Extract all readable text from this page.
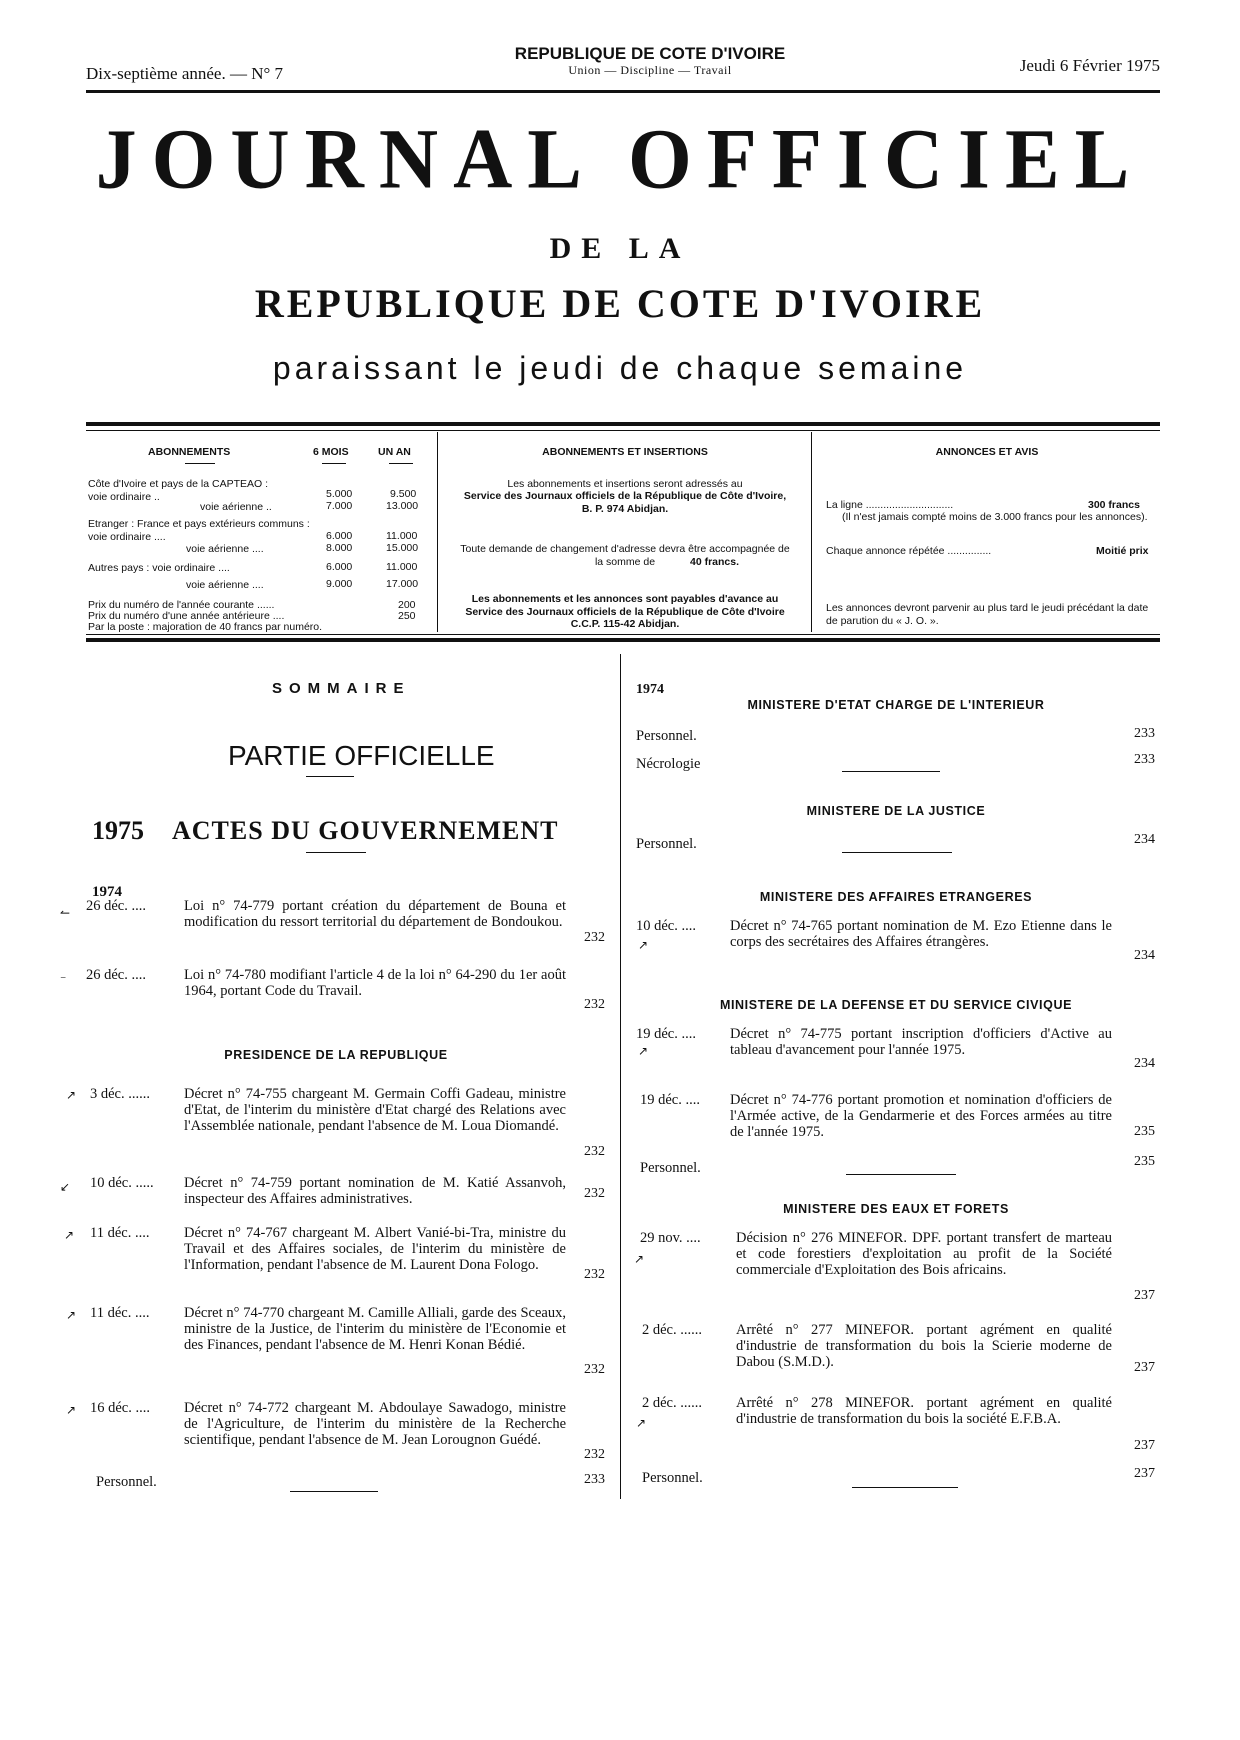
Dix-septième année. — N° 7
REPUBLIQUE DE COTE D'IVOIRE
Union — Discipline — Travail	Jeudi 6 Février 1975
JOURNAL OFFICIEL
DE LA
REPUBLIQUE DE COTE D'IVOIRE
paraissant le jeudi de chaque semaine
ABONNEMENTS	6 MOIS	UN AN
Côte d'Ivoire et pays de la CAPTEAO : voie ordinaire ..	5.000	9.500
voie aérienne ..	7.000	13.000
Etranger : France et pays extérieurs communs : voie ordinaire ....	6.000	11.000
voie aérienne ....	8.000	15.000
Autres pays : voie ordinaire ....	6.000	11.000
voie aérienne ....	9.000	17.000
Prix du numéro de l'année courante ......	200
Prix du numéro d'une année antérieure ....	250
Par la poste : majoration de 40 francs par numéro.
ABONNEMENTS ET INSERTIONS
Les abonnements et insertions seront adressés au
Service des Journaux officiels de la République de Côte d'Ivoire, B. P. 974 Abidjan.
Toute demande de changement d'adresse devra être accompagnée de la somme de	40 francs.
Les abonnements et les annonces sont payables d'avance au Service des Journaux officiels de la République de Côte d'Ivoire C.C.P. 115-42 Abidjan.
ANNONCES ET AVIS
La ligne ..............................	300 francs
(Il n'est jamais compté moins de 3.000 francs pour les annonces).
Chaque annonce répétée ...............	Moitié prix
Les annonces devront parvenir au plus tard le jeudi précédant la date de parution du « J. O. ».
SOMMAIRE
PARTIE OFFICIELLE
1975 ACTES DU GOUVERNEMENT
1974
↼ 26 déc. ....	Loi n° 74-779 portant création du département de Bouna et modification du ressort territorial du département de Bondoukou.
232
⁻ 26 déc. ....	Loi n° 74-780 modifiant l'article 4 de la loi n° 64-290 du 1er août 1964, portant Code du Travail.
232
PRESIDENCE DE LA REPUBLIQUE
↗ 3 déc. ...... Décret n° 74-755 chargeant M. Germain Coffi Gadeau, ministre d'Etat, de l'interim du ministère d'Etat chargé des Relations avec l'Assemblée nationale, pendant l'absence de M. Loua Diomandé.
232
↙ 10 déc. ..... Décret n° 74-759 portant nomination de M. Katié Assanvoh, inspecteur des Affaires administratives.	232
↗ 11 déc. .... Décret n° 74-767 chargeant M. Albert Vanié-bi-Tra, ministre du Travail et des Affaires sociales, de l'interim du ministère de l'Information, pendant l'absence de M. Laurent Dona Fologo.
232
↗ 11 déc. .... Décret n° 74-770 chargeant M. Camille Alliali, garde des Sceaux, ministre de la Justice, de l'interim du ministère de l'Economie et des Finances, pendant l'absence de M. Henri Konan Bédié.
232
↗ 16 déc. .... Décret n° 74-772 chargeant M. Abdoulaye Sawadogo, ministre de l'Agriculture, de l'interim du ministère de la Recherche scientifique, pendant l'absence de M. Jean Lorougnon Guédé.
232
Personnel.	233
1974
MINISTERE D'ETAT CHARGE DE L'INTERIEUR
Personnel.	233
Nécrologie	233
MINISTERE DE LA JUSTICE
Personnel.	234
MINISTERE DES AFFAIRES ETRANGERES
10 déc. ....
↗
Décret n° 74-765 portant nomination de M. Ezo Etienne dans le corps des secrétaires des Affaires étrangères.
234
MINISTERE DE LA DEFENSE ET DU SERVICE CIVIQUE
19 déc. ....
↗
Décret n° 74-775 portant inscription d'officiers d'Active au tableau d'avancement pour l'année 1975.
234
19 déc. .... Décret n° 74-776 portant promotion et nomination d'officiers de l'Armée active, de la Gendarmerie et des Forces armées au titre de l'année 1975.	235
Personnel.	235
MINISTERE DES EAUX ET FORETS
29 nov. ....
↗
Décision n° 276 MINEFOR. DPF. portant transfert de marteau et code forestiers d'exploitation au profit de la Société commerciale d'Exploitation des Bois africains.
237
2 déc. ...... Arrêté n° 277 MINEFOR. portant agrément en qualité d'industrie de transformation du bois la Scierie moderne de Dabou (S.M.D.).	237
2 déc. ......
↗
Arrêté n° 278 MINEFOR. portant agrément en qualité d'industrie de transformation du bois la société E.F.B.A.
237
Personnel.	237
